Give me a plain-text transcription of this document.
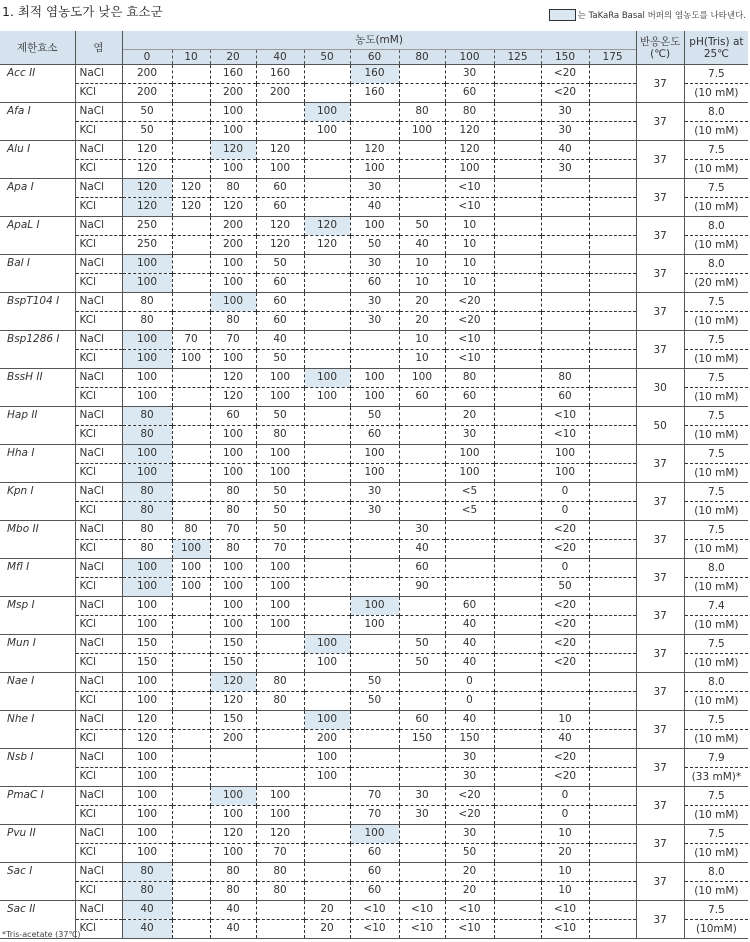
1. 최적 염농도가 낮은 효소군	는 TaKaRa Basal 버퍼의 염농도를 나타낸다.
제한효소	염	농도(mM)											반응온도 (℃)	pH(Tris) at 25℃
		0	10	20	40	50	60	80	100	125	150	175		
Acc II	NaCl	200		160	160		160		30		<20		37	7.5
	KCl	200		200	200		160		60		<20			(10 mM)
Afa I	NaCl	50		100		100		80	80		30		37	8.0
	KCl	50		100		100		100	120		30			(10 mM)
Alu I	NaCl	120		120	120		120		120		40		37	7.5
	KCl	120		100	100		100		100		30			(10 mM)
Apa I	NaCl	120	120	80	60		30		<10				37	7.5
	KCl	120	120	120	60		40		<10					(10 mM)
ApaL I	NaCl	250		200	120	120	100	50	10				37	8.0
	KCl	250		200	120	120	50	40	10					(10 mM)
Bal I	NaCl	100		100	50		30	10	10				37	8.0
	KCl	100		100	60		60	10	10					(20 mM)
BspT104 I	NaCl	80		100	60		30	20	<20				37	7.5
	KCl	80		80	60		30	20	<20					(10 mM)
Bsp1286 I	NaCl	100	70	70	40			10	<10				37	7.5
	KCl	100	100	100	50			10	<10					(10 mM)
BssH II	NaCl	100		120	100	100	100	100	80		80		30	7.5
	KCl	100		120	100	100	100	60	60		60			(10 mM)
Hap II	NaCl	80		60	50		50		20		<10		50	7.5
	KCl	80		100	80		60		30		<10			(10 mM)
Hha I	NaCl	100		100	100		100		100		100		37	7.5
	KCl	100		100	100		100		100		100			(10 mM)
Kpn I	NaCl	80		80	50		30		<5		0		37	7.5
	KCl	80		80	50		30		<5		0			(10 mM)
Mbo II	NaCl	80	80	70	50			30			<20		37	7.5
	KCl	80	100	80	70			40			<20			(10 mM)
Mfl I	NaCl	100	100	100	100			60			0		37	8.0
	KCl	100	100	100	100			90			50			(10 mM)
Msp I	NaCl	100		100	100		100		60		<20		37	7.4
	KCl	100		100	100		100		40		<20			(10 mM)
Mun I	NaCl	150		150		100		50	40		<20		37	7.5
	KCl	150		150		100		50	40		<20			(10 mM)
Nae I	NaCl	100		120	80		50		0				37	8.0
	KCl	100		120	80		50		0					(10 mM)
Nhe I	NaCl	120		150		100		60	40		10		37	7.5
	KCl	120		200		200		150	150		40			(10 mM)
Nsb I	NaCl	100				100			30		<20		37	7.9
	KCl	100				100			30		<20			(33 mM)*
PmaC I	NaCl	100		100	100		70	30	<20		0		37	7.5
	KCl	100		100	100		70	30	<20		0			(10 mM)
Pvu II	NaCl	100		120	120		100		30		10		37	7.5
	KCl	100		100	70		60		50		20			(10 mM)
Sac I	NaCl	80		80	80		60		20		10		37	8.0
	KCl	80		80	80		60		20		10			(10 mM)
Sac II	NaCl	40		40		20	<10	<10	<10		<10		37	7.5
	KCl	40		40		20	<10	<10	<10		<10			(10mM)
*Tris-acetate (37℃)
